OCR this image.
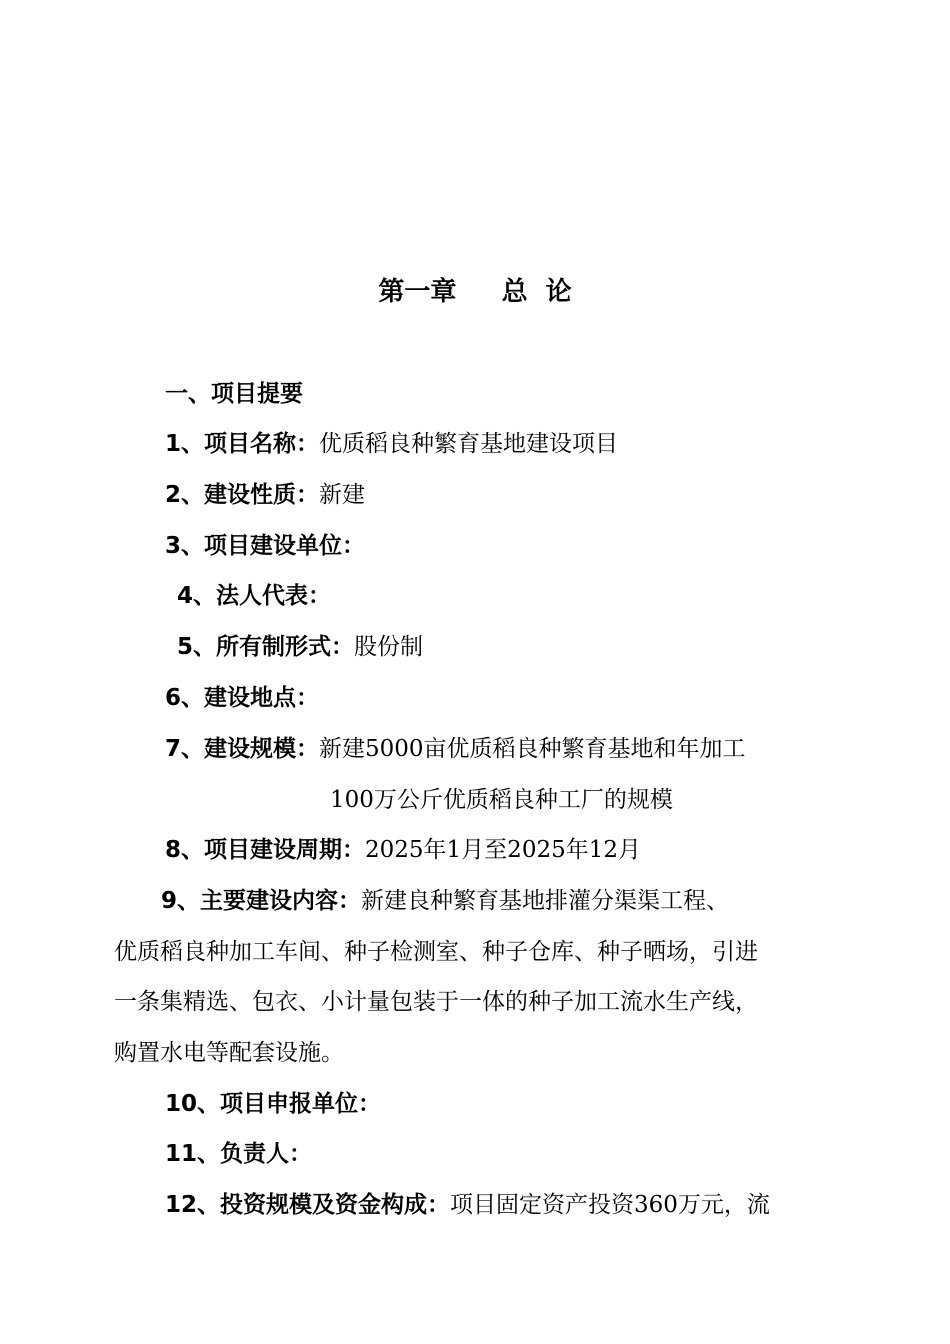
第一章     总  论
一、项目提要
1、项目名称：优质稻良种繁育基地建设项目
2、建设性质：新建
3、项目建设单位：
4、法人代表：
5、所有制形式：股份制
6、建设地点：
7、建设规模：新建5000亩优质稻良种繁育基地和年加工
100万公斤优质稻良种工厂的规模
8、项目建设周期：2025年1月至2025年12月
9、主要建设内容：新建良种繁育基地排灌分渠渠工程、
优质稻良种加工车间、种子检测室、种子仓库、种子晒场，引进
一条集精选、包衣、小计量包装于一体的种子加工流水生产线，
购置水电等配套设施。
10、项目申报单位：
11、负责人：
12、投资规模及资金构成：项目固定资产投资360万元，流
